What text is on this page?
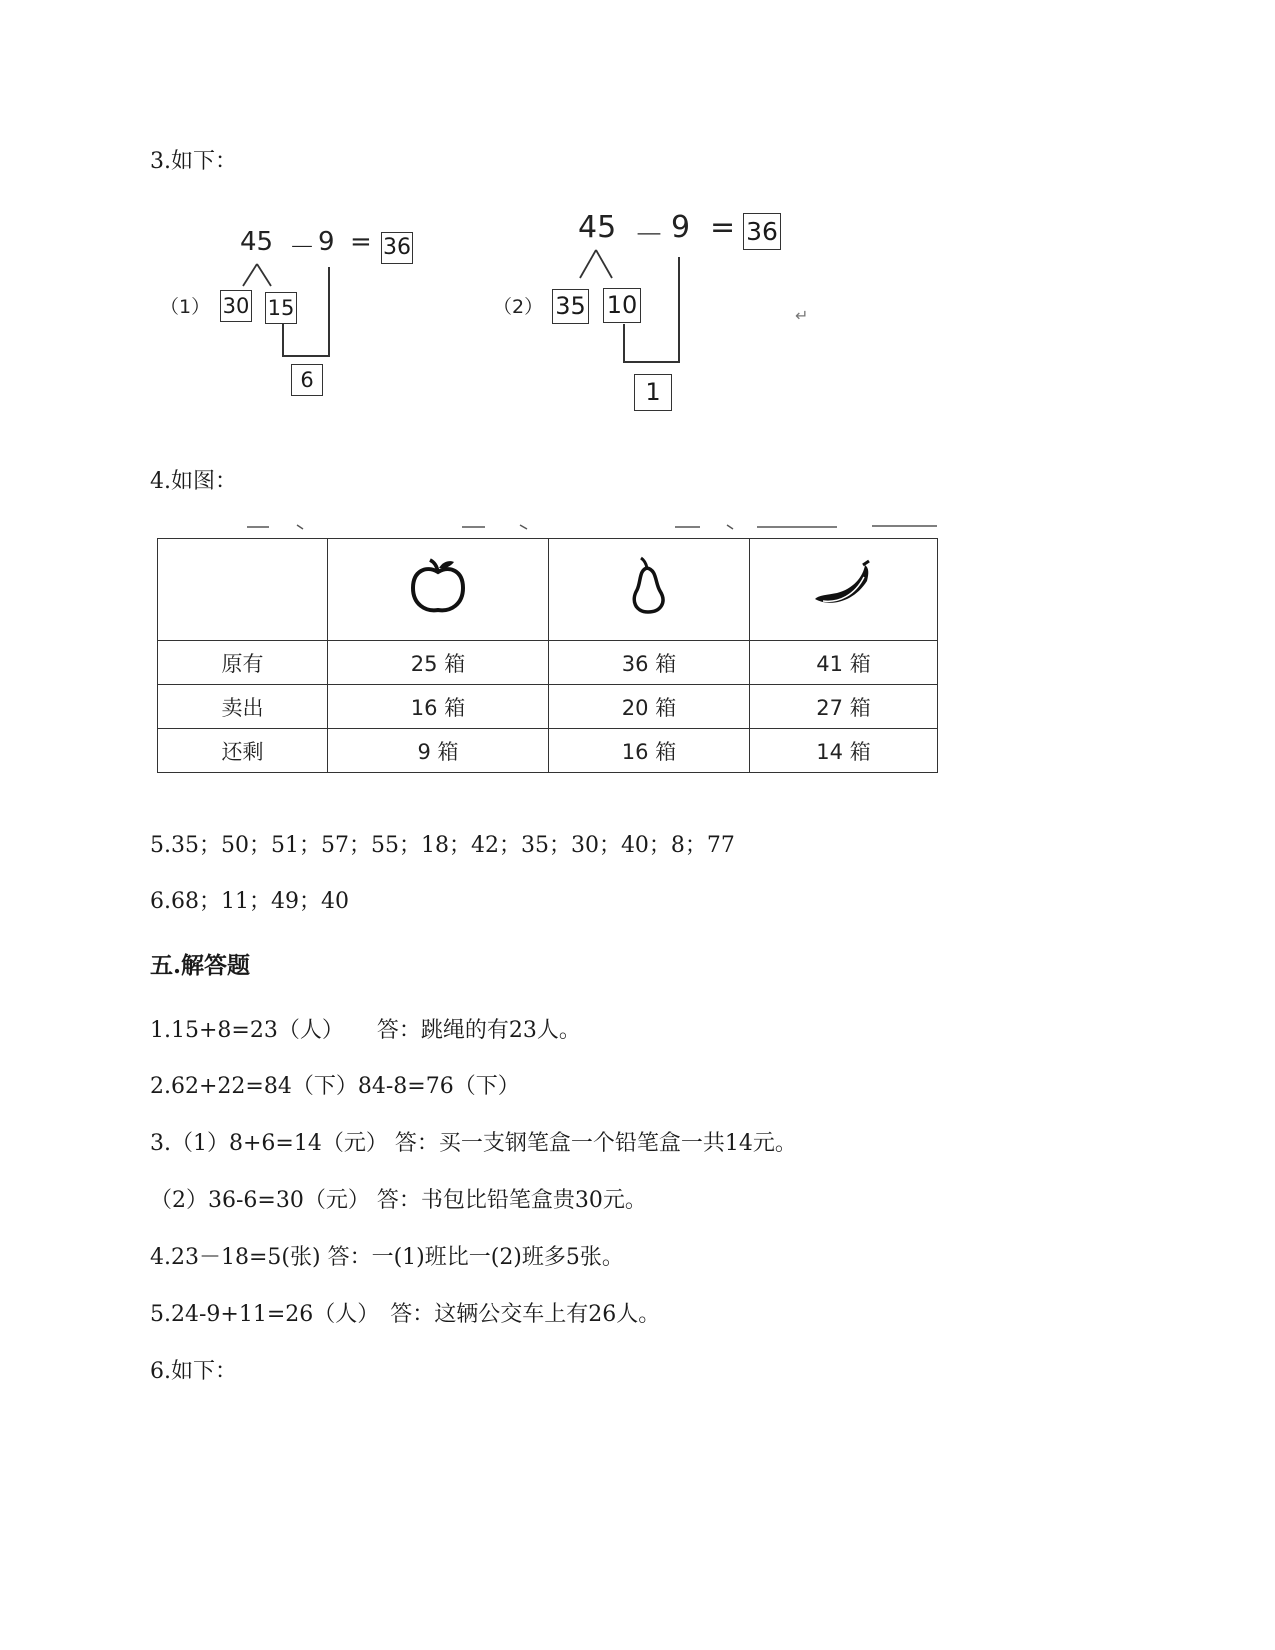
3.如下：
（1）
45 － 9 = 36
30 15
6
（2）
45 － 9 = 36
35 10
1
↵
4.如图：

原有	25 箱	36 箱	41 箱
卖出	16 箱	20 箱	27 箱
还剩	9 箱	16 箱	14 箱
5.35；50；51；57；55；18；42；35；30；40；8；77
6.68；11；49；40
五.解答题
1.15+8=23（人）　　答：跳绳的有23人。
2.62+22=84（下）84-8=76（下）
3.（1）8+6=14（元） 答：买一支钢笔盒一个铅笔盒一共14元。
（2）36-6=30（元） 答：书包比铅笔盒贵30元。
4.23－18=5(张) 答：一(1)班比一(2)班多5张。
5.24-9+11=26（人）　答：这辆公交车上有26人。
6.如下：
